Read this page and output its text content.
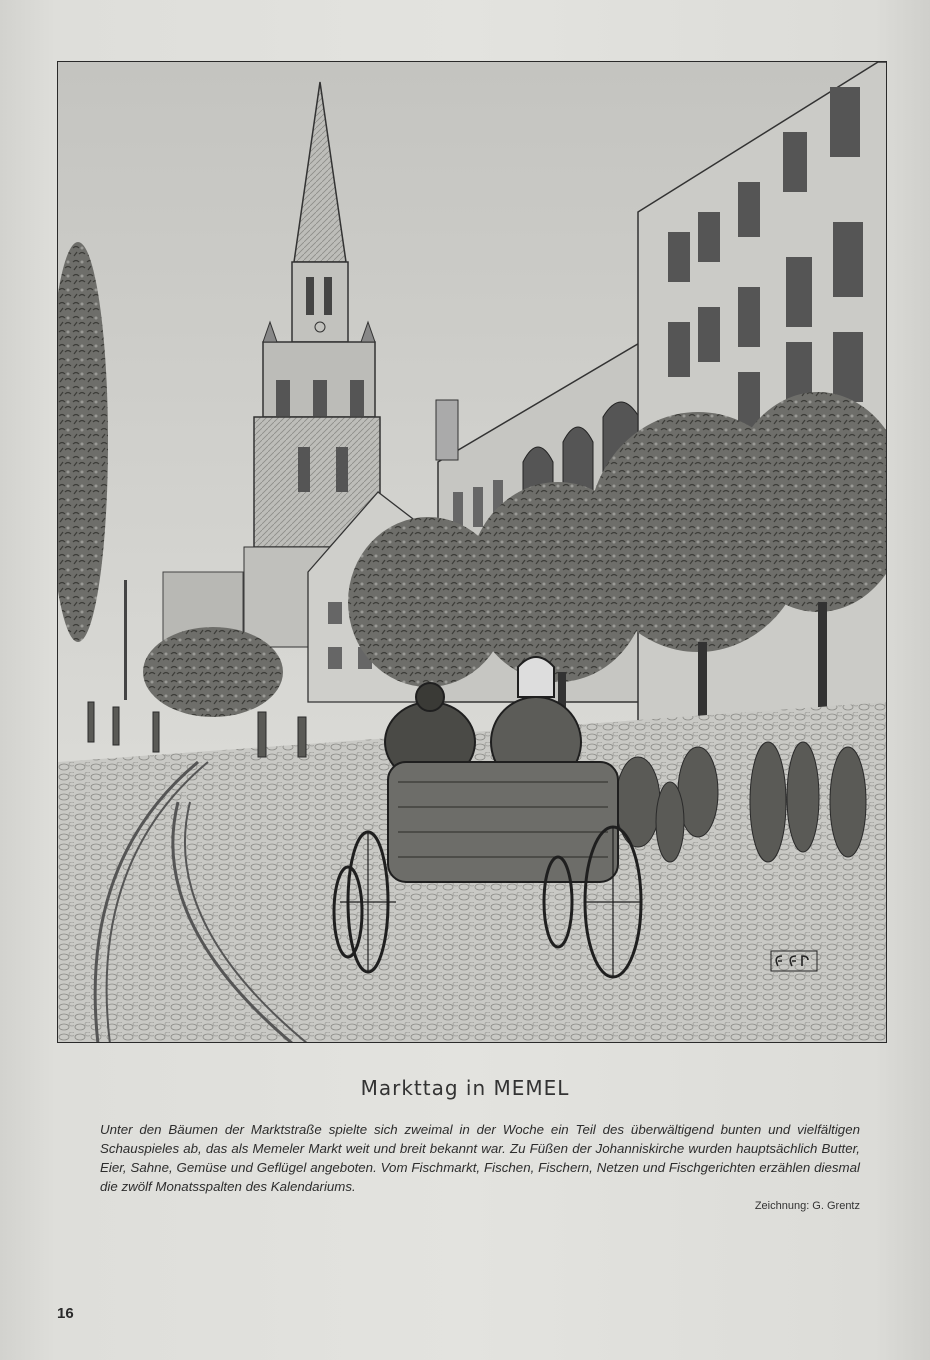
Markttag in MEMEL
Unter den Bäumen der Marktstraße spielte sich zweimal in der Woche ein Teil des überwältigend bunten und vielfältigen Schauspieles ab, das als Memeler Markt weit und breit bekannt war. Zu Füßen der Johanniskirche wurden hauptsächlich Butter, Eier, Sahne, Gemüse und Geflügel angeboten. Vom Fischmarkt, Fischen, Fischern, Netzen und Fischgerichten erzählen diesmal die zwölf Monatsspalten des Kalendariums.
Zeichnung: G. Grentz
16
